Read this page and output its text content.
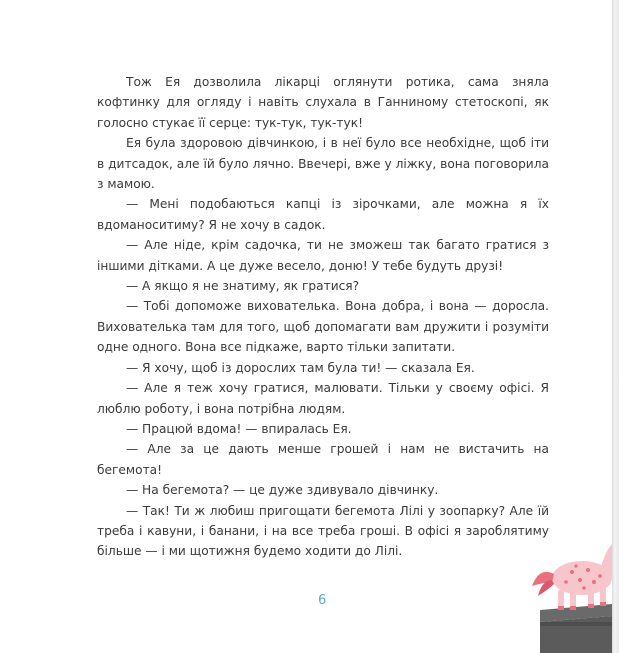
Тож Ея дозволила лікарці оглянути ротика, сама зняла кофтинку для огляду і навіть слухала в Ганниному стетоскопі, як голосно стукає її серце: тук-тук, тук-тук!

Ея була здоровою дівчинкою, і в неї було все необхідне, щоб іти в дитсадок, але їй було лячно. Ввечері, вже у ліжку, вона поговорила з мамою.

— Мені подобаються капці із зірочками, але можна я їх вдоманоситиму? Я не хочу в садок.

— Але ніде, крім садочка, ти не зможеш так багато гратися з іншими дітками. А це дуже весело, доню! У тебе будуть друзі!

— А якщо я не знатиму, як гратися?

— Тобі допоможе вихователька. Вона добра, і вона — доросла. Вихователька там для того, щоб допомагати вам дружити і розуміти одне одного. Вона все підкаже, варто тільки запитати.

— Я хочу, щоб із дорослих там була ти! — сказала Ея.

— Але я теж хочу гратися, малювати. Тільки у своєму офісі. Я люблю роботу, і вона потрібна людям.

— Працюй вдома! — впиралась Ея.

— Але за це дають менше грошей і нам не вистачить на бегемота!

— На бегемота? — це дуже здивувало дівчинку.

— Так! Ти ж любиш пригощати бегемота Лілі у зоопарку? Але їй треба і кавуни, і банани, і на все треба гроші. В офісі я зароблятиму більше — і ми щотижня будемо ходити до Лілі.

6
